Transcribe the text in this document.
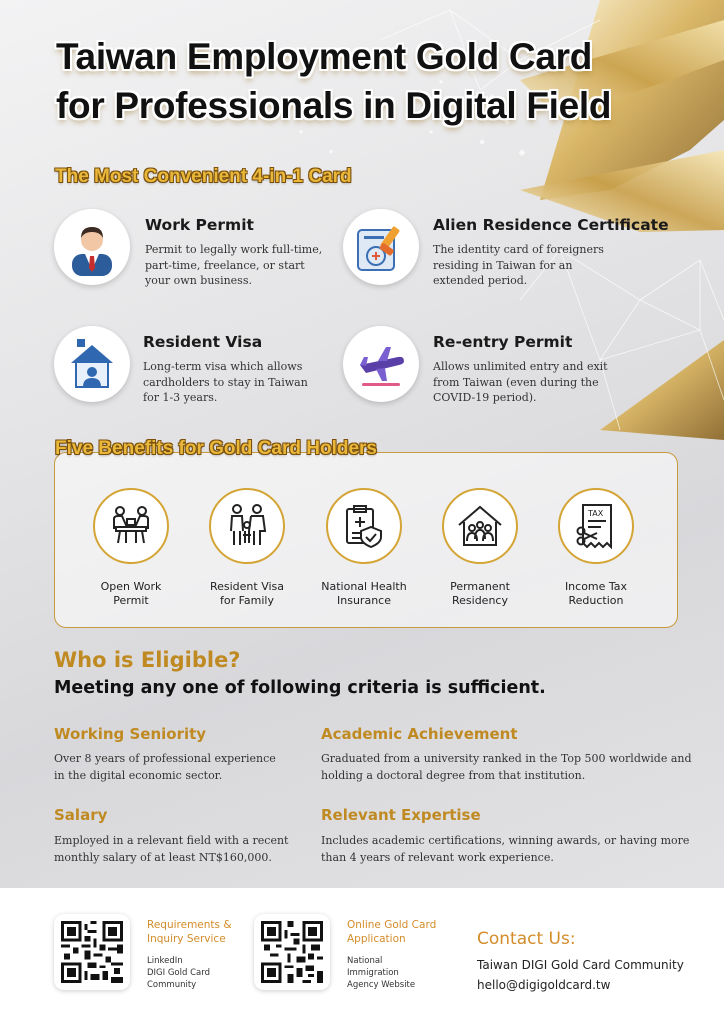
Taiwan Employment Gold Card
for Professionals in Digital Field
The Most Convenient 4-in-1 Card
Work Permit
Permit to legally work full-time,
part-time, freelance, or start
your own business.
Alien Residence Certificate
The identity card of foreigners
residing in Taiwan for an
extended period.
Resident Visa
Long-term visa which allows
cardholders to stay in Taiwan
for 1-3 years.
Re-entry Permit
Allows unlimited entry and exit
from Taiwan (even during the
COVID-19 period).
Five Benefits for Gold Card Holders
Open Work
Permit
Resident Visa
for Family
National Health
Insurance
Permanent
Residency
TAX
Income Tax
Reduction
Who is Eligible?
Meeting any one of following criteria is sufficient.
Working Seniority
Over 8 years of professional experience
in the digital economic sector.
Academic Achievement
Graduated from a university ranked in the Top 500 worldwide and
holding a doctoral degree from that institution.
Salary
Employed in a relevant field with a recent
monthly salary of at least NT$160,000.
Relevant Expertise
Includes academic certifications, winning awards, or having more
than 4 years of relevant work experience.
Requirements &
Inquiry Service
LinkedIn
DIGI Gold Card
Community
Online Gold Card
Application
National
Immigration
Agency Website
Contact Us:
Taiwan DIGI Gold Card Community
hello@digigoldcard.tw
